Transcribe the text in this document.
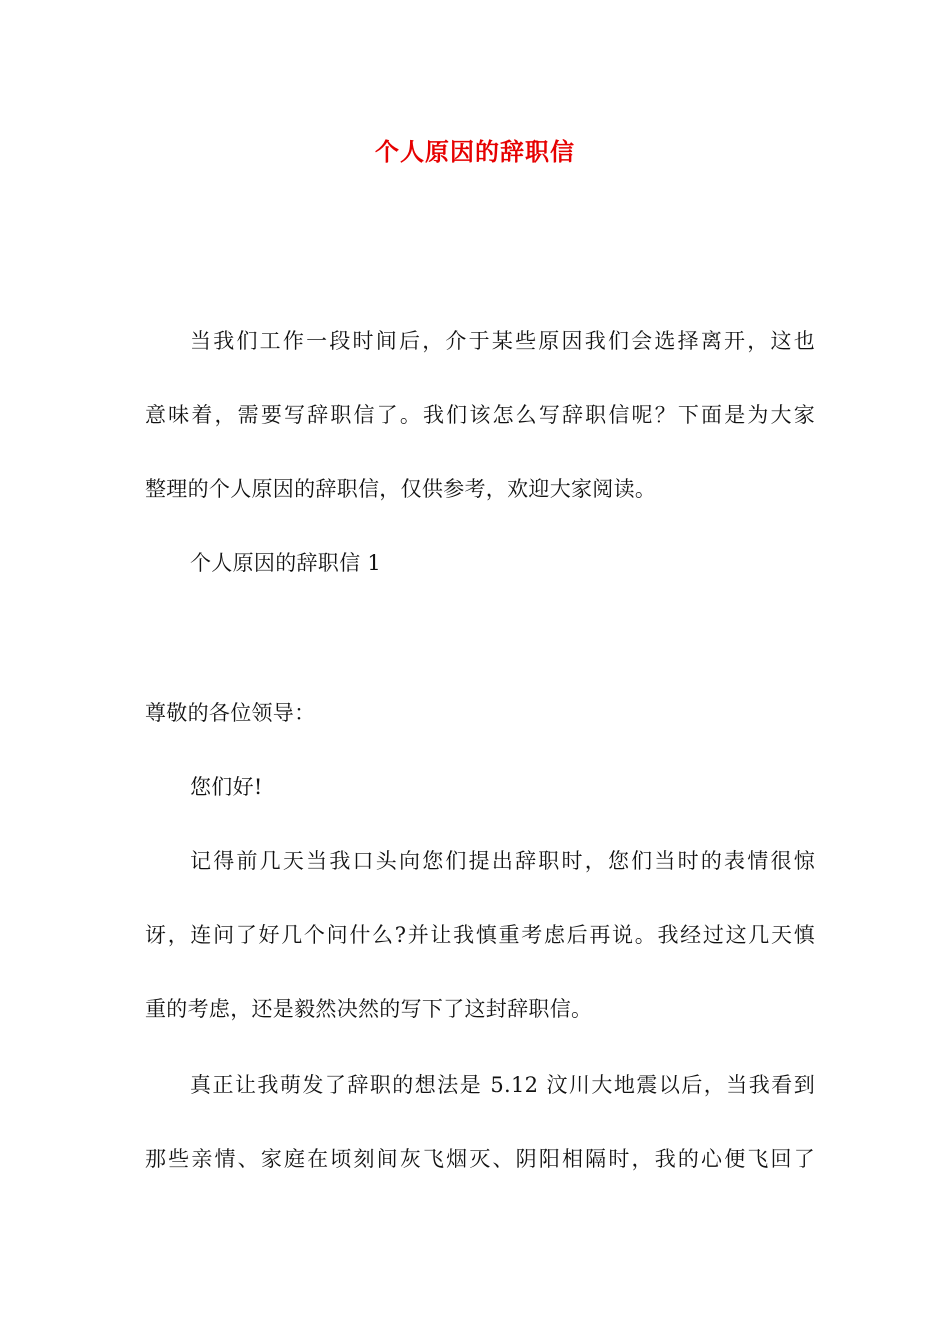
个人原因的辞职信
当我们工作一段时间后，介于某些原因我们会选择离开，这也
意味着，需要写辞职信了。我们该怎么写辞职信呢？下面是为大家
整理的个人原因的辞职信，仅供参考，欢迎大家阅读。
个人原因的辞职信 1
尊敬的各位领导：
您们好!
记得前几天当我口头向您们提出辞职时，您们当时的表情很惊
讶，连问了好几个问什么?并让我慎重考虑后再说。我经过这几天慎
重的考虑，还是毅然决然的写下了这封辞职信。
真正让我萌发了辞职的想法是 5.12 汶川大地震以后，当我看到
那些亲情、家庭在顷刻间灰飞烟灭、阴阳相隔时，我的心便飞回了
